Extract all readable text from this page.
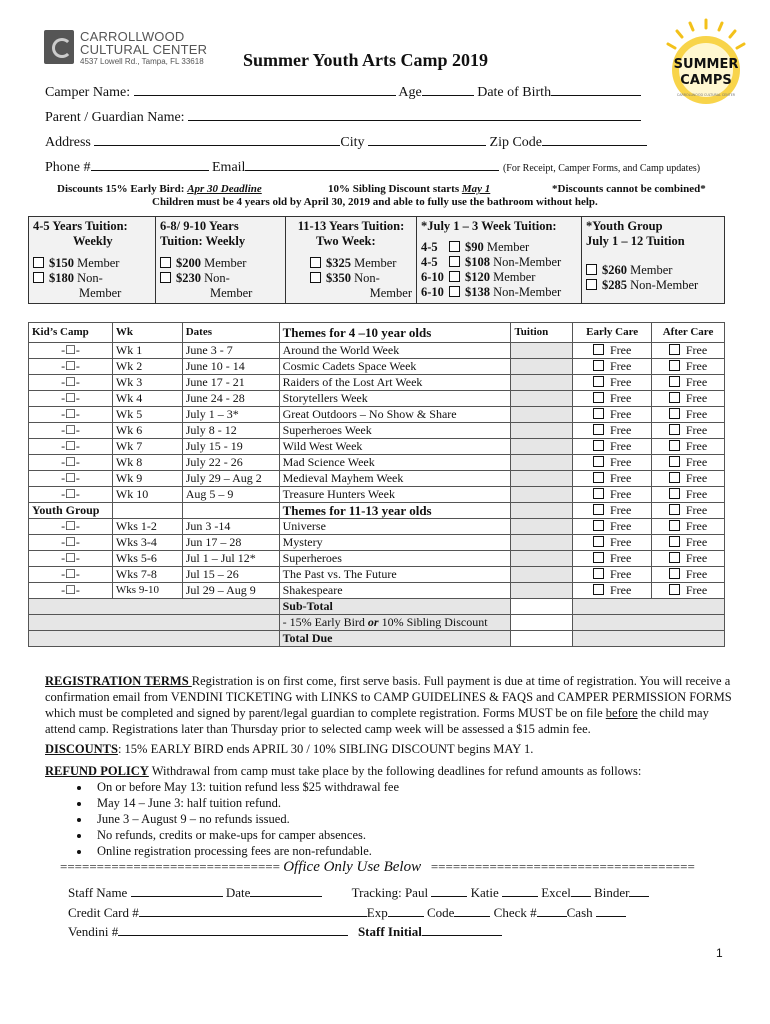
CARROLLWOOD
CULTURAL CENTER
4537 Lowell Rd., Tampa, FL 33618	SUMMER
CAMPS
CARROLLWOOD CULTURAL CENTER
Summer Youth Arts Camp 2019
Camper Name:	Age	Date of Birth
Parent / Guardian Name:
Address	City	Zip Code
Phone #	Email	(For Receipt, Camper Forms, and Camp updates)
Discounts 15% Early Bird: Apr 30 Deadline	10% Sibling Discount starts May 1	*Discounts cannot be combined*
Children must be 4 years old by April 30, 2019 and able to fully use the bathroom without help.
4-5 Years Tuition:
Weekly
$150 Member
$180 Non-
Member

6-8/ 9-10 Years
Tuition: Weekly
$200 Member
$230 Non-
Member

11-13 Years Tuition:
Two Week:
$325 Member
$350 Non-
Member

*July 1 – 3 Week Tuition:
4-5 $90 Member
4-5 $108 Non-Member
6-10 $120 Member
6-10 $138 Non-Member

*Youth Group
July 1 – 12 Tuition
$260 Member
$285 Non-Member
Kid’s Camp	Wk	Dates	Themes for 4 –10 year olds	Tuition	Early Care	After Care
-☐-	Wk 1	June 3 - 7	Around the World Week		Free	Free
-☐-	Wk 2	June 10 - 14	Cosmic Cadets Space Week		Free	Free
-☐-	Wk 3	June 17 - 21	Raiders of the Lost Art Week		Free	Free
-☐-	Wk 4	June 24 - 28	Storytellers Week		Free	Free
-☐-	Wk 5	July 1 – 3*	Great Outdoors – No Show & Share		Free	Free
-☐-	Wk 6	July 8 - 12	Superheroes Week		Free	Free
-☐-	Wk 7	July 15 - 19	Wild West Week		Free	Free
-☐-	Wk 8	July 22 - 26	Mad Science Week		Free	Free
-☐-	Wk 9	July 29 – Aug 2	Medieval Mayhem Week		Free	Free
-☐-	Wk 10	Aug 5 – 9	Treasure Hunters Week		Free	Free
Youth Group			Themes for 11-13 year olds		Free	Free
-☐-	Wks 1-2	Jun 3 -14	Universe		Free	Free
-☐-	Wks 3-4	Jun 17 – 28	Mystery		Free	Free
-☐-	Wks 5-6	Jul 1 – Jul 12*	Superheroes		Free	Free
-☐-	Wks 7-8	Jul 15 – 26	The Past vs. The Future		Free	Free
-☐-	Wks 9-10	Jul 29 – Aug 9	Shakespeare		Free	Free
			Sub-Total			
			- 15% Early Bird or 10% Sibling Discount			
			Total Due			
REGISTRATION TERMS Registration is on first come, first serve basis. Full payment is due at time of registration. You will receive a confirmation email from VENDINI TICKETING with LINKS to CAMP GUIDELINES & FAQS and CAMPER PERMISSION FORMS which must be completed and signed by parent/legal guardian to complete registration. Forms MUST be on file before the child may attend camp. Registrations later than Thursday prior to selected camp week will be assessed a $15 admin fee.
DISCOUNTS: 15% EARLY BIRD ends APRIL 30 / 10% SIBLING DISCOUNT begins MAY 1.
REFUND POLICY Withdrawal from camp must take place by the following deadlines for refund amounts as follows:
• On or before May 13: tuition refund less $25 withdrawal fee
• May 14 – June 3: half tuition refund.
• June 3 – August 9 – no refunds issued.
• No refunds, credits or make-ups for camper absences.
• Online registration processing fees are non-refundable.
============================== Office Only Use Below ====================================
Staff Name	Date	Tracking: Paul	Katie	Excel Binder
Credit Card #	Exp	Code	Check # Cash
Vendini #	Staff Initial
1
